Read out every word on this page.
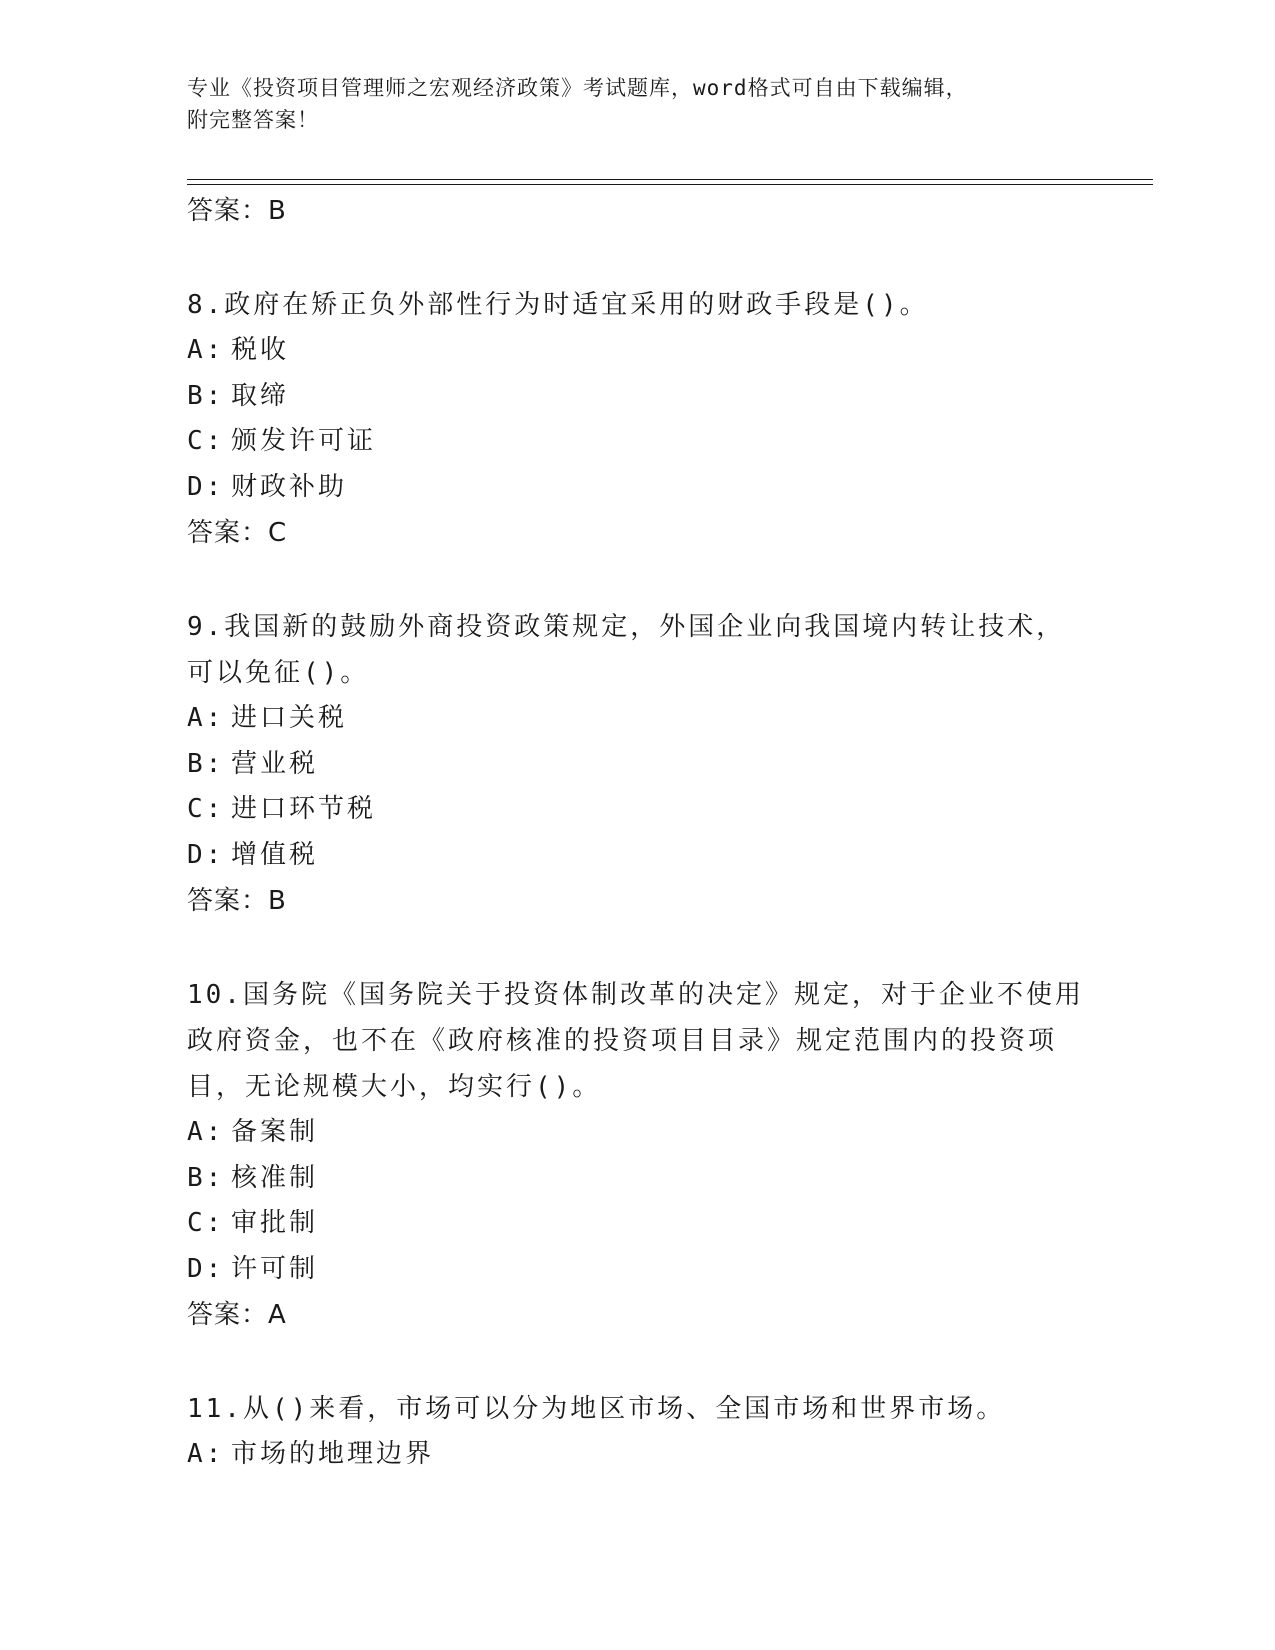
专业《投资项目管理师之宏观经济政策》考试题库，word格式可自由下载编辑，
附完整答案！

答案：B

8.政府在矫正负外部性行为时适宜采用的财政手段是()。

A: 税收

B: 取缔

C: 颁发许可证

D: 财政补助

答案：C

9.我国新的鼓励外商投资政策规定，外国企业向我国境内转让技术，

可以免征()。

A: 进口关税

B: 营业税

C: 进口环节税

D: 增值税

答案：B

10.国务院《国务院关于投资体制改革的决定》规定，对于企业不使用

政府资金，也不在《政府核准的投资项目目录》规定范围内的投资项

目，无论规模大小，均实行()。

A: 备案制

B: 核准制

C: 审批制

D: 许可制

答案：A

11.从()来看，市场可以分为地区市场、全国市场和世界市场。

A: 市场的地理边界
